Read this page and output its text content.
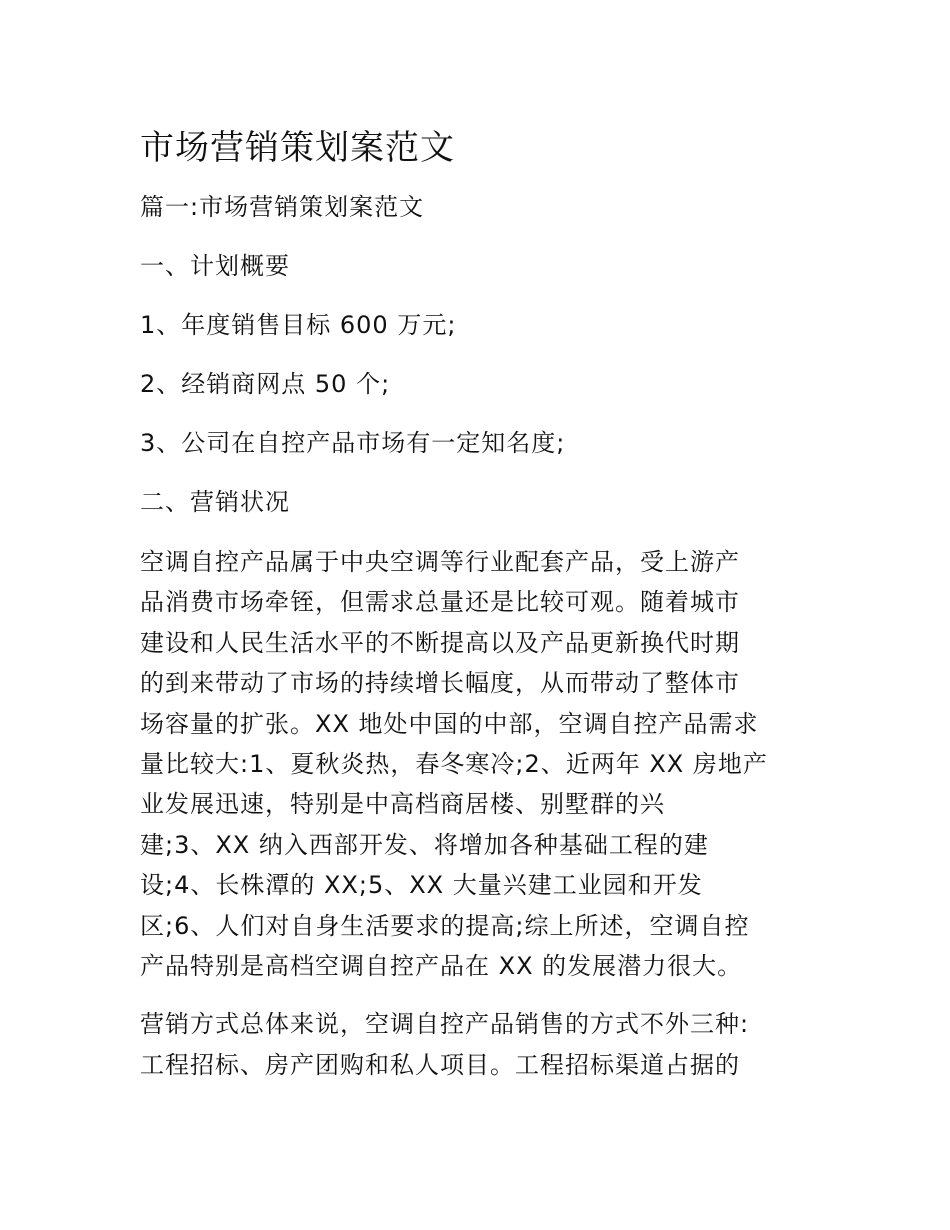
市场营销策划案范文

篇一:市场营销策划案范文

一、计划概要

1、年度销售目标 600 万元;

2、经销商网点 50 个;

3、公司在自控产品市场有一定知名度;

二、营销状况

空调自控产品属于中央空调等行业配套产品，受上游产
品消费市场牵铚，但需求总量还是比较可观。随着城市
建设和人民生活水平的不断提高以及产品更新换代时期
的到来带动了市场的持续增长幅度，从而带动了整体市
场容量的扩张。XX 地处中国的中部，空调自控产品需求
量比较大:1、夏秋炎热，春冬寒冷;2、近两年 XX 房地产
业发展迅速，特别是中高档商居楼、别墅群的兴
建;3、XX 纳入西部开发、将增加各种基础工程的建
设;4、长株潭的 XX;5、XX 大量兴建工业园和开发
区;6、人们对自身生活要求的提高;综上所述，空调自控
产品特别是高档空调自控产品在 XX 的发展潜力很大。
营销方式总体来说，空调自控产品销售的方式不外三种:
工程招标、房产团购和私人项目。工程招标渠道占据的
